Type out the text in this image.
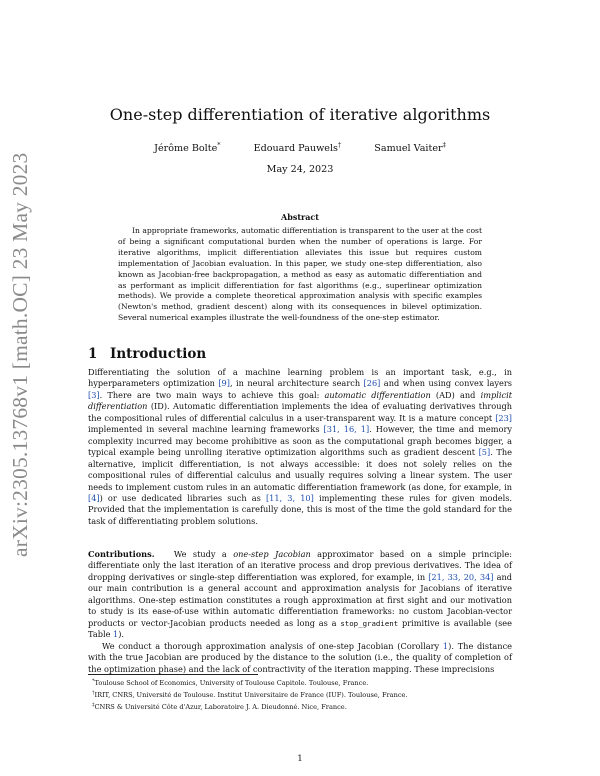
arXiv:2305.13768v1 [math.OC] 23 May 2023
One-step differentiation of iterative algorithms
Jérôme Bolte*	Edouard Pauwels†	Samuel Vaiter‡
May 24, 2023
Abstract

In appropriate frameworks, automatic differentiation is transparent to the user at the cost of being a significant computational burden when the number of operations is large. For iterative algorithms, implicit differentiation alleviates this issue but requires custom implementation of Jacobian evaluation. In this paper, we study one-step differentiation, also known as Jacobian-free backpropagation, a method as easy as automatic differentiation and as performant as implicit differentiation for fast algorithms (e.g., superlinear optimization methods). We provide a complete theoretical approximation analysis with specific examples (Newton's method, gradient descent) along with its consequences in bilevel optimization. Several numerical examples illustrate the well-foundness of the one-step estimator.

1 Introduction

Differentiating the solution of a machine learning problem is an important task, e.g., in hyperparameters optimization [9], in neural architecture search [26] and when using convex layers [3]. There are two main ways to achieve this goal: automatic differentiation (AD) and implicit differentiation (ID). Automatic differentiation implements the idea of evaluating derivatives through the compositional rules of differential calculus in a user-transparent way. It is a mature concept [23] implemented in several machine learning frameworks [31, 16, 1]. However, the time and memory complexity incurred may become prohibitive as soon as the computational graph becomes bigger, a typical example being unrolling iterative optimization algorithms such as gradient descent [5]. The alternative, implicit differentiation, is not always accessible: it does not solely relies on the compositional rules of differential calculus and usually requires solving a linear system. The user needs to implement custom rules in an automatic differentiation framework (as done, for example, in [4]) or use dedicated libraries such as [11, 3, 10] implementing these rules for given models. Provided that the implementation is carefully done, this is most of the time the gold standard for the task of differentiating problem solutions.

Contributions. We study a one-step Jacobian approximator based on a simple principle: differentiate only the last iteration of an iterative process and drop previous derivatives. The idea of dropping derivatives or single-step differentiation was explored, for example, in [21, 33, 20, 34] and our main contribution is a general account and approximation analysis for Jacobians of iterative algorithms. One-step estimation constitutes a rough approximation at first sight and our motivation to study is its ease-of-use within automatic differentiation frameworks: no custom Jacobian-vector products or vector-Jacobian products needed as long as a stop_gradient primitive is available (see Table 1).

We conduct a thorough approximation analysis of one-step Jacobian (Corollary 1). The distance with the true Jacobian are produced by the distance to the solution (i.e., the quality of completion of the optimization phase) and the lack of contractivity of the iteration mapping. These imprecisions

*Toulouse School of Economics, University of Toulouse Capitole. Toulouse, France.
†IRIT, CNRS, Université de Toulouse. Institut Universitaire de France (IUF). Toulouse, France.
‡CNRS & Université Côte d'Azur, Laboratoire J. A. Dieudonné. Nice, France.
1
